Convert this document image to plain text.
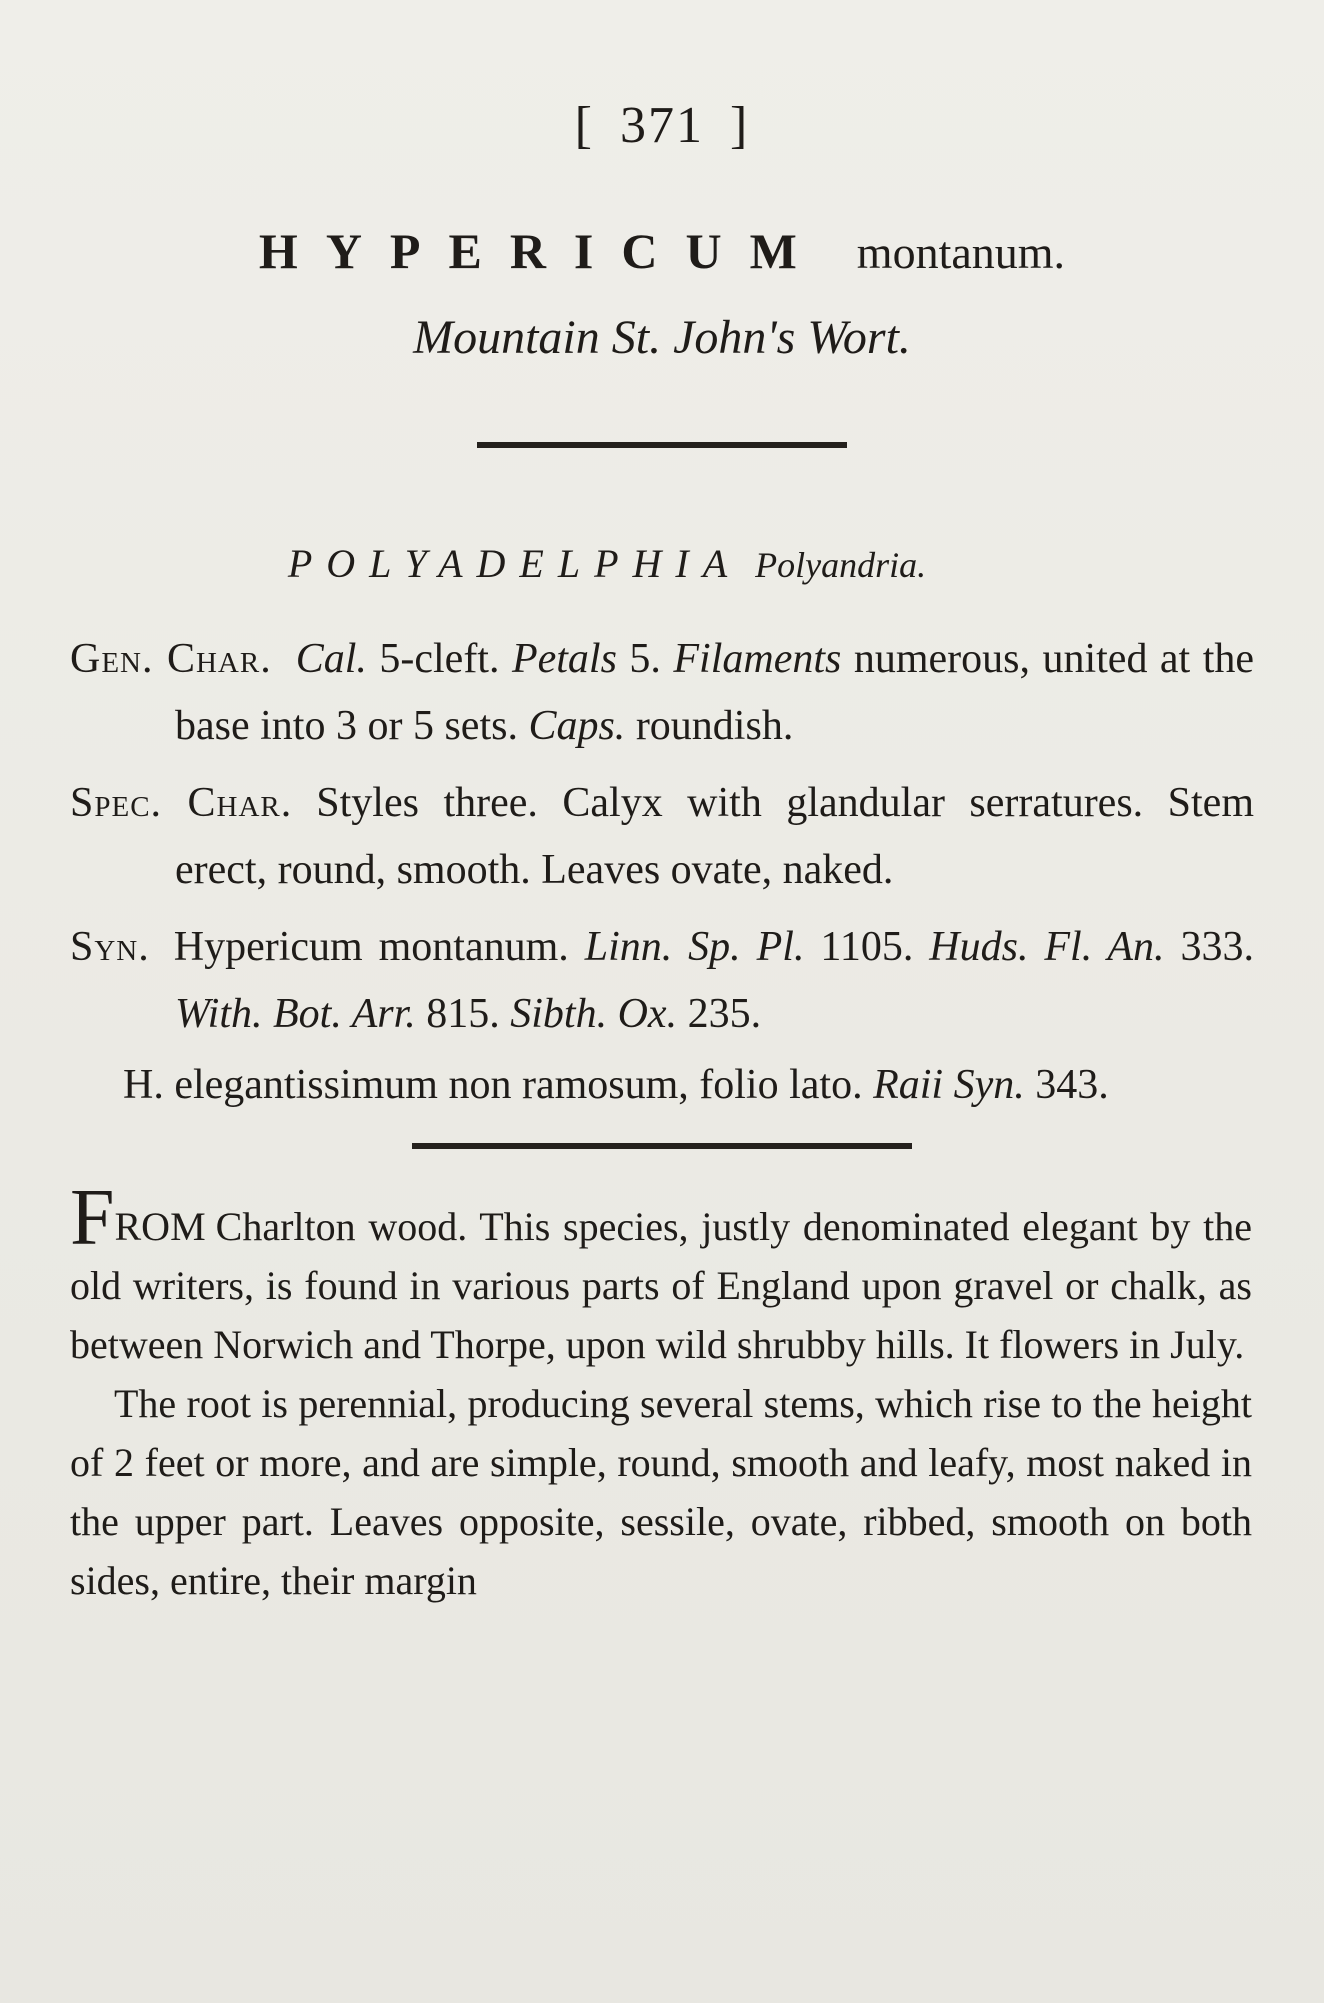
[ 371 ]
HYPERICUM montanum.
Mountain St. John's Wort.
POLYADELPHIA Polyandria.
Gen. Char. Cal. 5-cleft. Petals 5. Filaments numerous, united at the base into 3 or 5 sets. Caps. roundish.
Spec. Char. Styles three. Calyx with glandular serratures. Stem erect, round, smooth. Leaves ovate, naked.
Syn. Hypericum montanum. Linn. Sp. Pl. 1105. Huds. Fl. An. 333. With. Bot. Arr. 815. Sibth. Ox. 235.
H. elegantissimum non ramosum, folio lato. Raii Syn. 343.

FROM Charlton wood. This species, justly denominated elegant by the old writers, is found in various parts of England upon gravel or chalk, as between Norwich and Thorpe, upon wild shrubby hills. It flowers in July.

The root is perennial, producing several stems, which rise to the height of 2 feet or more, and are simple, round, smooth and leafy, most naked in the upper part. Leaves opposite, sessile, ovate, ribbed, smooth on both sides, entire, their margin
